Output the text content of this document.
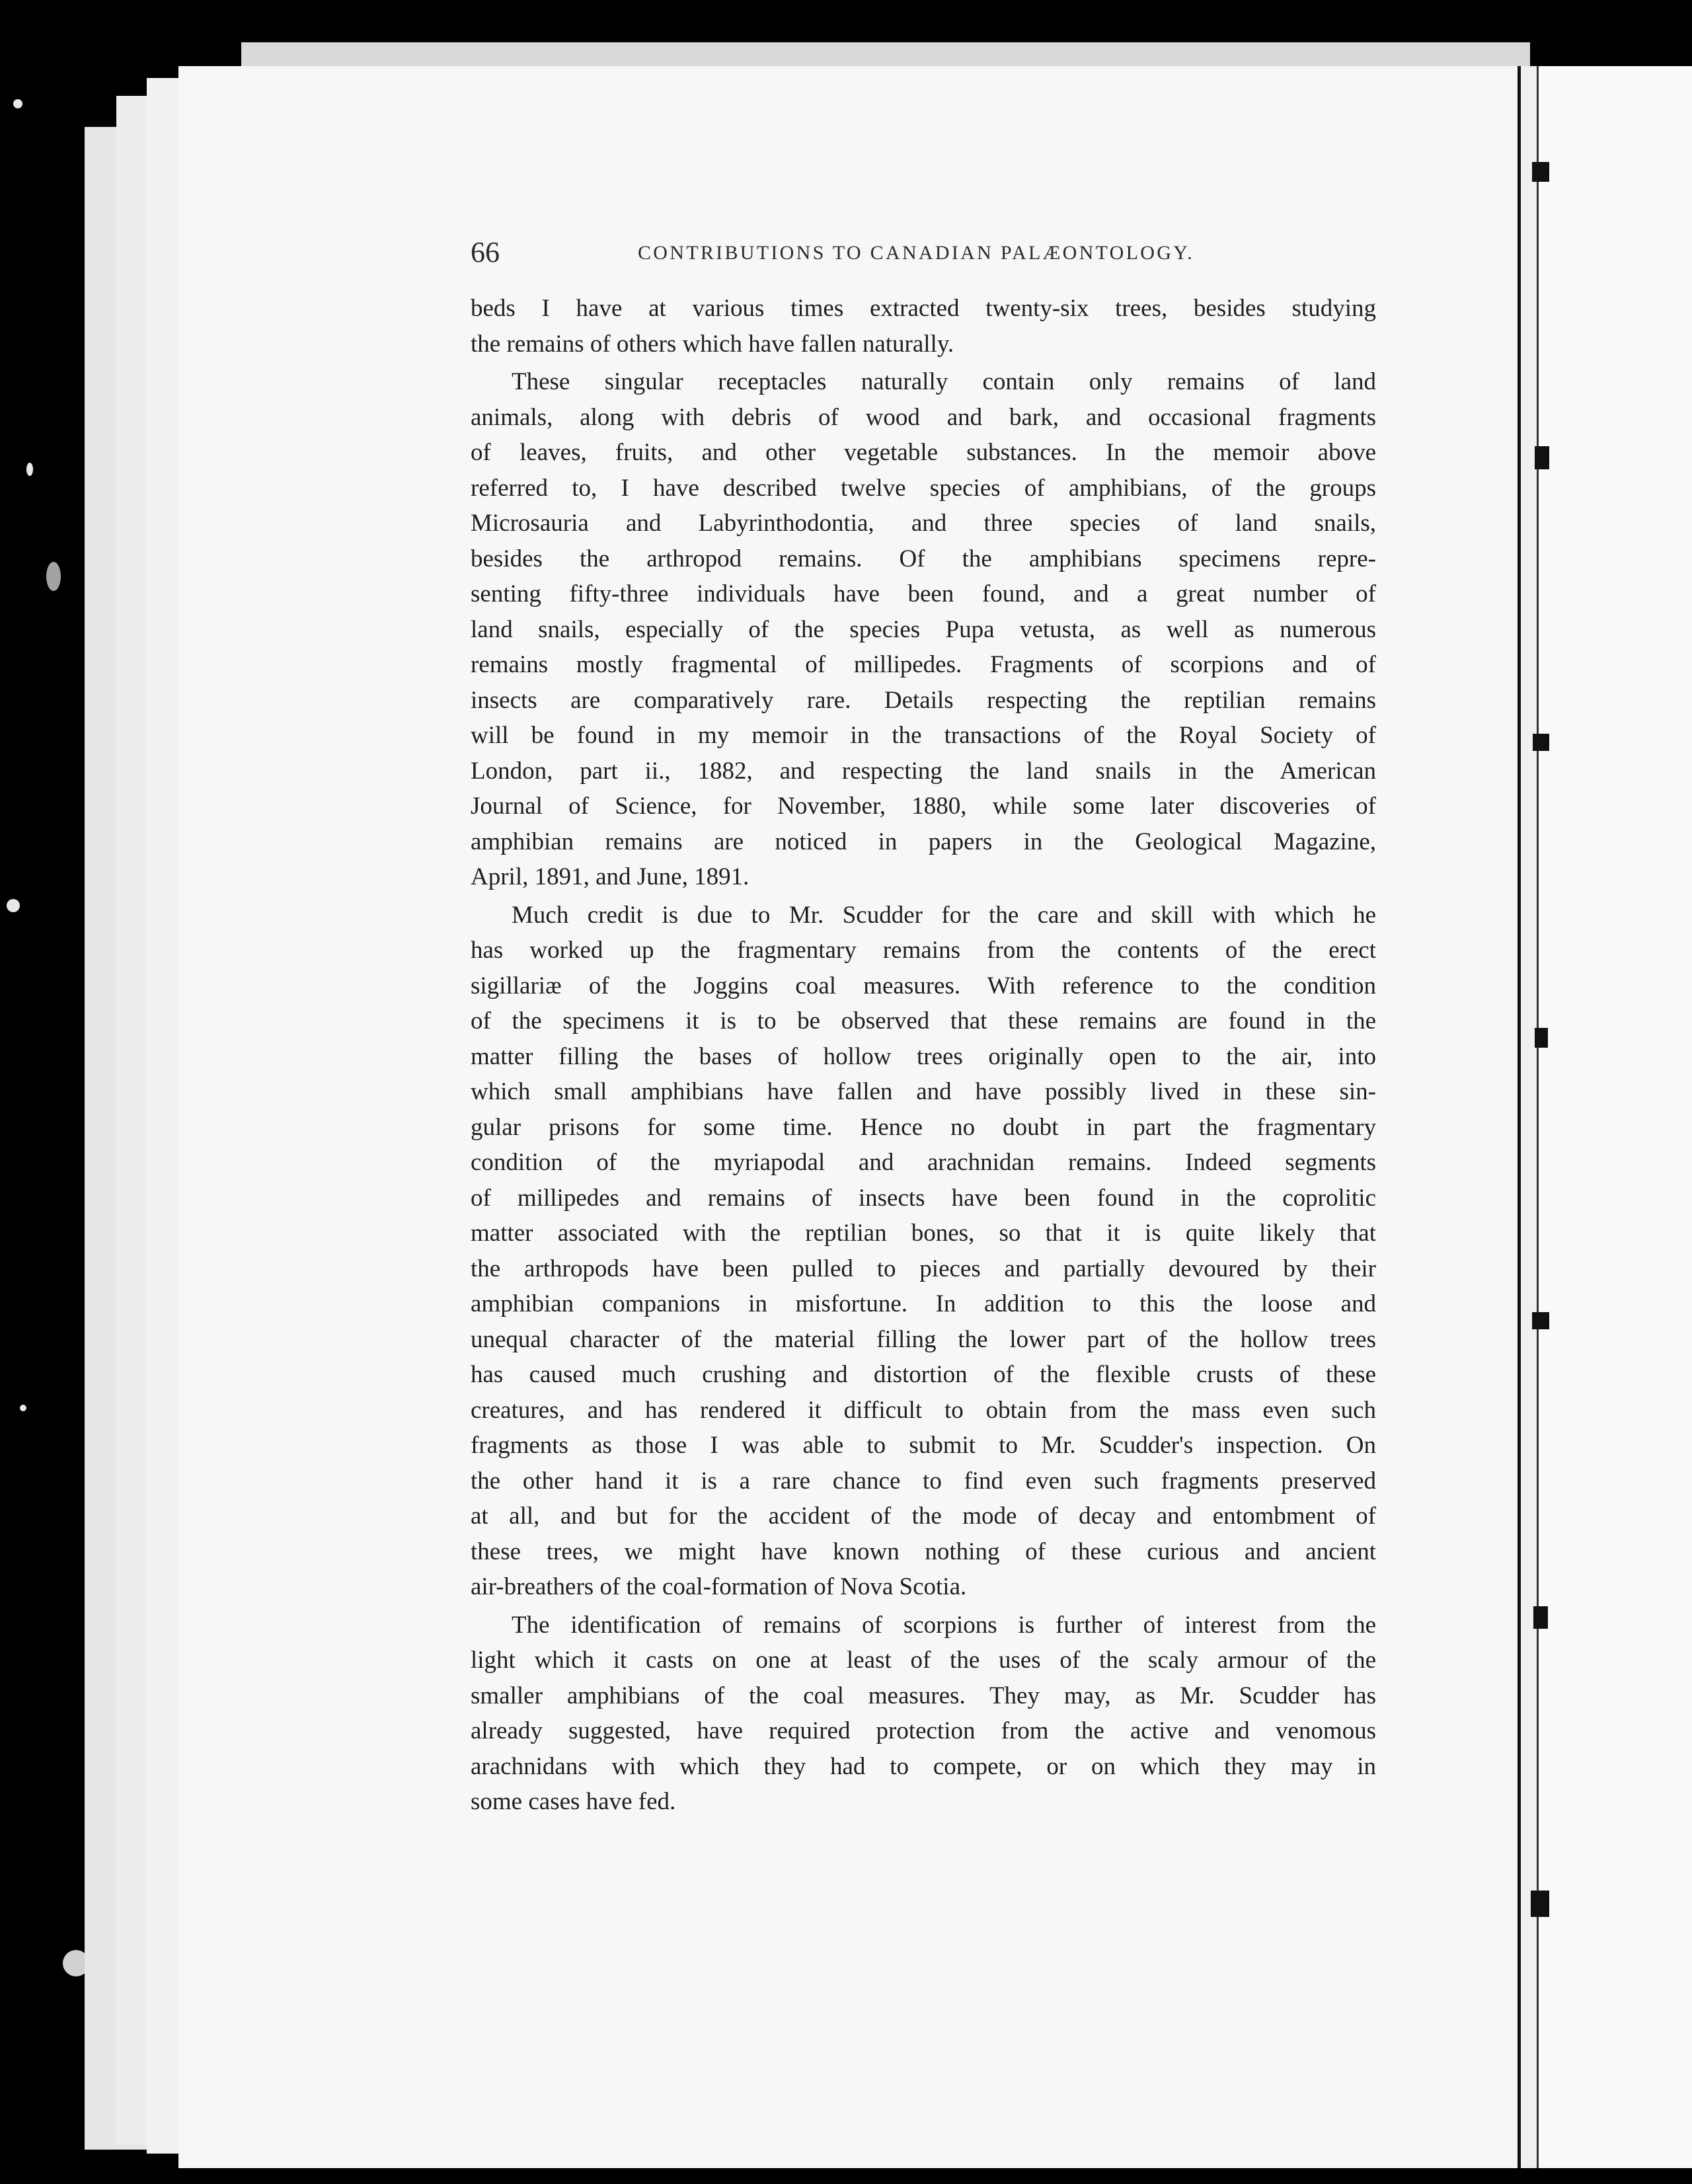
66	CONTRIBUTIONS TO CANADIAN PALÆONTOLOGY.
beds I have at various times extracted twenty-six trees, besides studying
the remains of others which have fallen naturally.
These singular receptacles naturally contain only remains of land
animals, along with debris of wood and bark, and occasional fragments
of leaves, fruits, and other vegetable substances. In the memoir above
referred to, I have described twelve species of amphibians, of the groups
Microsauria and Labyrinthodontia, and three species of land snails,
besides the arthropod remains. Of the amphibians specimens repre-
senting fifty-three individuals have been found, and a great number of
land snails, especially of the species Pupa vetusta, as well as numerous
remains mostly fragmental of millipedes. Fragments of scorpions and of
insects are comparatively rare. Details respecting the reptilian remains
will be found in my memoir in the transactions of the Royal Society of
London, part ii., 1882, and respecting the land snails in the American
Journal of Science, for November, 1880, while some later discoveries of
amphibian remains are noticed in papers in the Geological Magazine,
April, 1891, and June, 1891.
Much credit is due to Mr. Scudder for the care and skill with which he
has worked up the fragmentary remains from the contents of the erect
sigillariæ of the Joggins coal measures. With reference to the condition
of the specimens it is to be observed that these remains are found in the
matter filling the bases of hollow trees originally open to the air, into
which small amphibians have fallen and have possibly lived in these sin-
gular prisons for some time. Hence no doubt in part the fragmentary
condition of the myriapodal and arachnidan remains. Indeed segments
of millipedes and remains of insects have been found in the coprolitic
matter associated with the reptilian bones, so that it is quite likely that
the arthropods have been pulled to pieces and partially devoured by their
amphibian companions in misfortune. In addition to this the loose and
unequal character of the material filling the lower part of the hollow trees
has caused much crushing and distortion of the flexible crusts of these
creatures, and has rendered it difficult to obtain from the mass even such
fragments as those I was able to submit to Mr. Scudder's inspection. On
the other hand it is a rare chance to find even such fragments preserved
at all, and but for the accident of the mode of decay and entombment of
these trees, we might have known nothing of these curious and ancient
air-breathers of the coal-formation of Nova Scotia.
The identification of remains of scorpions is further of interest from the
light which it casts on one at least of the uses of the scaly armour of the
smaller amphibians of the coal measures. They may, as Mr. Scudder has
already suggested, have required protection from the active and venomous
arachnidans with which they had to compete, or on which they may in
some cases have fed.
